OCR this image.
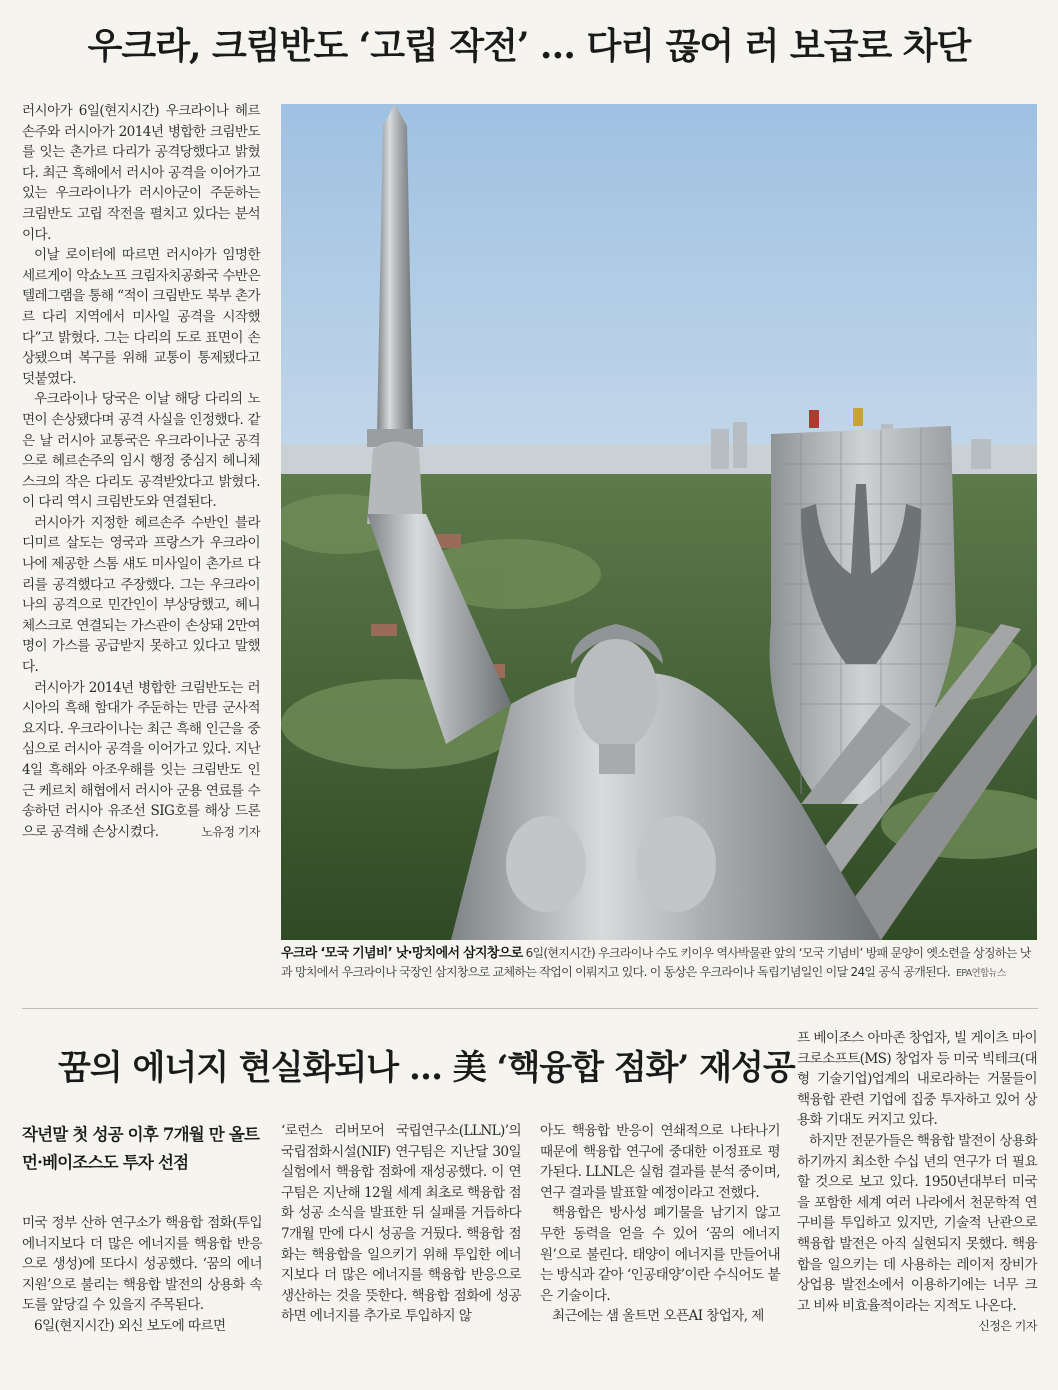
우크라, 크림반도 ‘고립 작전’ … 다리 끊어 러 보급로 차단

러시아가 6일(현지시간) 우크라이나 헤르손주와 러시아가 2014년 병합한 크림반도를 잇는 촌가르 다리가 공격당했다고 밝혔다. 최근 흑해에서 러시아 공격을 이어가고 있는 우크라이나가 러시아군이 주둔하는 크림반도 고립 작전을 펼치고 있다는 분석이다.

이날 로이터에 따르면 러시아가 임명한 세르게이 악쇼노프 크림자치공화국 수반은 텔레그램을 통해 “적이 크림반도 북부 촌가르 다리 지역에서 미사일 공격을 시작했다”고 밝혔다. 그는 다리의 도로 표면이 손상됐으며 복구를 위해 교통이 통제됐다고 덧붙였다.

우크라이나 당국은 이날 해당 다리의 노면이 손상됐다며 공격 사실을 인정했다. 같은 날 러시아 교통국은 우크라이나군 공격으로 헤르손주의 임시 행정 중심지 헤니체스크의 작은 다리도 공격받았다고 밝혔다. 이 다리 역시 크림반도와 연결된다.

러시아가 지정한 헤르손주 수반인 블라디미르 살도는 영국과 프랑스가 우크라이나에 제공한 스톰 섀도 미사일이 촌가르 다리를 공격했다고 주장했다. 그는 우크라이나의 공격으로 민간인이 부상당했고, 헤니체스크로 연결되는 가스관이 손상돼 2만여 명이 가스를 공급받지 못하고 있다고 말했다.

러시아가 2014년 병합한 크림반도는 러시아의 흑해 함대가 주둔하는 만큼 군사적 요지다. 우크라이나는 최근 흑해 인근을 중심으로 러시아 공격을 이어가고 있다. 지난 4일 흑해와 아조우해를 잇는 크림반도 인근 케르치 해협에서 러시아 군용 연료를 수송하던 러시아 유조선 SIG호를 해상 드론으로 공격해 손상시켰다.	노유정 기자

우크라 ‘모국 기념비’ 낫·망치에서 삼지창으로 6일(현지시간) 우크라이나 수도 키이우 역사박물관 앞의 ‘모국 기념비’ 방패 문양이 옛소련을 상징하는 낫과 망치에서 우크라이나 국장인 삼지창으로 교체하는 작업이 이뤄지고 있다. 이 동상은 우크라이나 독립기념일인 이달 24일 공식 공개된다. EPA연합뉴스
꿈의 에너지 현실화되나 … 美 ‘핵융합 점화’ 재성공
작년말 첫 성공 이후 7개월 만 올트먼·베이조스도 투자 선점

미국 정부 산하 연구소가 핵융합 점화(투입 에너지보다 더 많은 에너지를 핵융합 반응으로 생성)에 또다시 성공했다. ‘꿈의 에너지원’으로 불리는 핵융합 발전의 상용화 속도를 앞당길 수 있을지 주목된다.

6일(현지시간) 외신 보도에 따르면

‘로런스 리버모어 국립연구소(LLNL)’의 국립점화시설(NIF) 연구팀은 지난달 30일 실험에서 핵융합 점화에 재성공했다. 이 연구팀은 지난해 12월 세계 최초로 핵융합 점화 성공 소식을 발표한 뒤 실패를 거듭하다 7개월 만에 다시 성공을 거뒀다. 핵융합 점화는 핵융합을 일으키기 위해 투입한 에너지보다 더 많은 에너지를 핵융합 반응으로 생산하는 것을 뜻한다. 핵융합 점화에 성공하면 에너지를 추가로 투입하지 않

아도 핵융합 반응이 연쇄적으로 나타나기 때문에 핵융합 연구에 중대한 이정표로 평가된다. LLNL은 실험 결과를 분석 중이며, 연구 결과를 발표할 예정이라고 전했다.

핵융합은 방사성 폐기물을 남기지 않고 무한 동력을 얻을 수 있어 ‘꿈의 에너지원’으로 불린다. 태양이 에너지를 만들어내는 방식과 같아 ‘인공태양’이란 수식어도 붙은 기술이다.

최근에는 샘 올트먼 오픈AI 창업자, 제

프 베이조스 아마존 창업자, 빌 게이츠 마이크로소프트(MS) 창업자 등 미국 빅테크(대형 기술기업)업계의 내로라하는 거물들이 핵융합 관련 기업에 집중 투자하고 있어 상용화 기대도 커지고 있다.

하지만 전문가들은 핵융합 발전이 상용화하기까지 최소한 수십 년의 연구가 더 필요할 것으로 보고 있다. 1950년대부터 미국을 포함한 세계 여러 나라에서 천문학적 연구비를 투입하고 있지만, 기술적 난관으로 핵융합 발전은 아직 실현되지 못했다. 핵융합을 일으키는 데 사용하는 레이저 장비가 상업용 발전소에서 이용하기에는 너무 크고 비싸 비효율적이라는 지적도 나온다.
신정은 기자
